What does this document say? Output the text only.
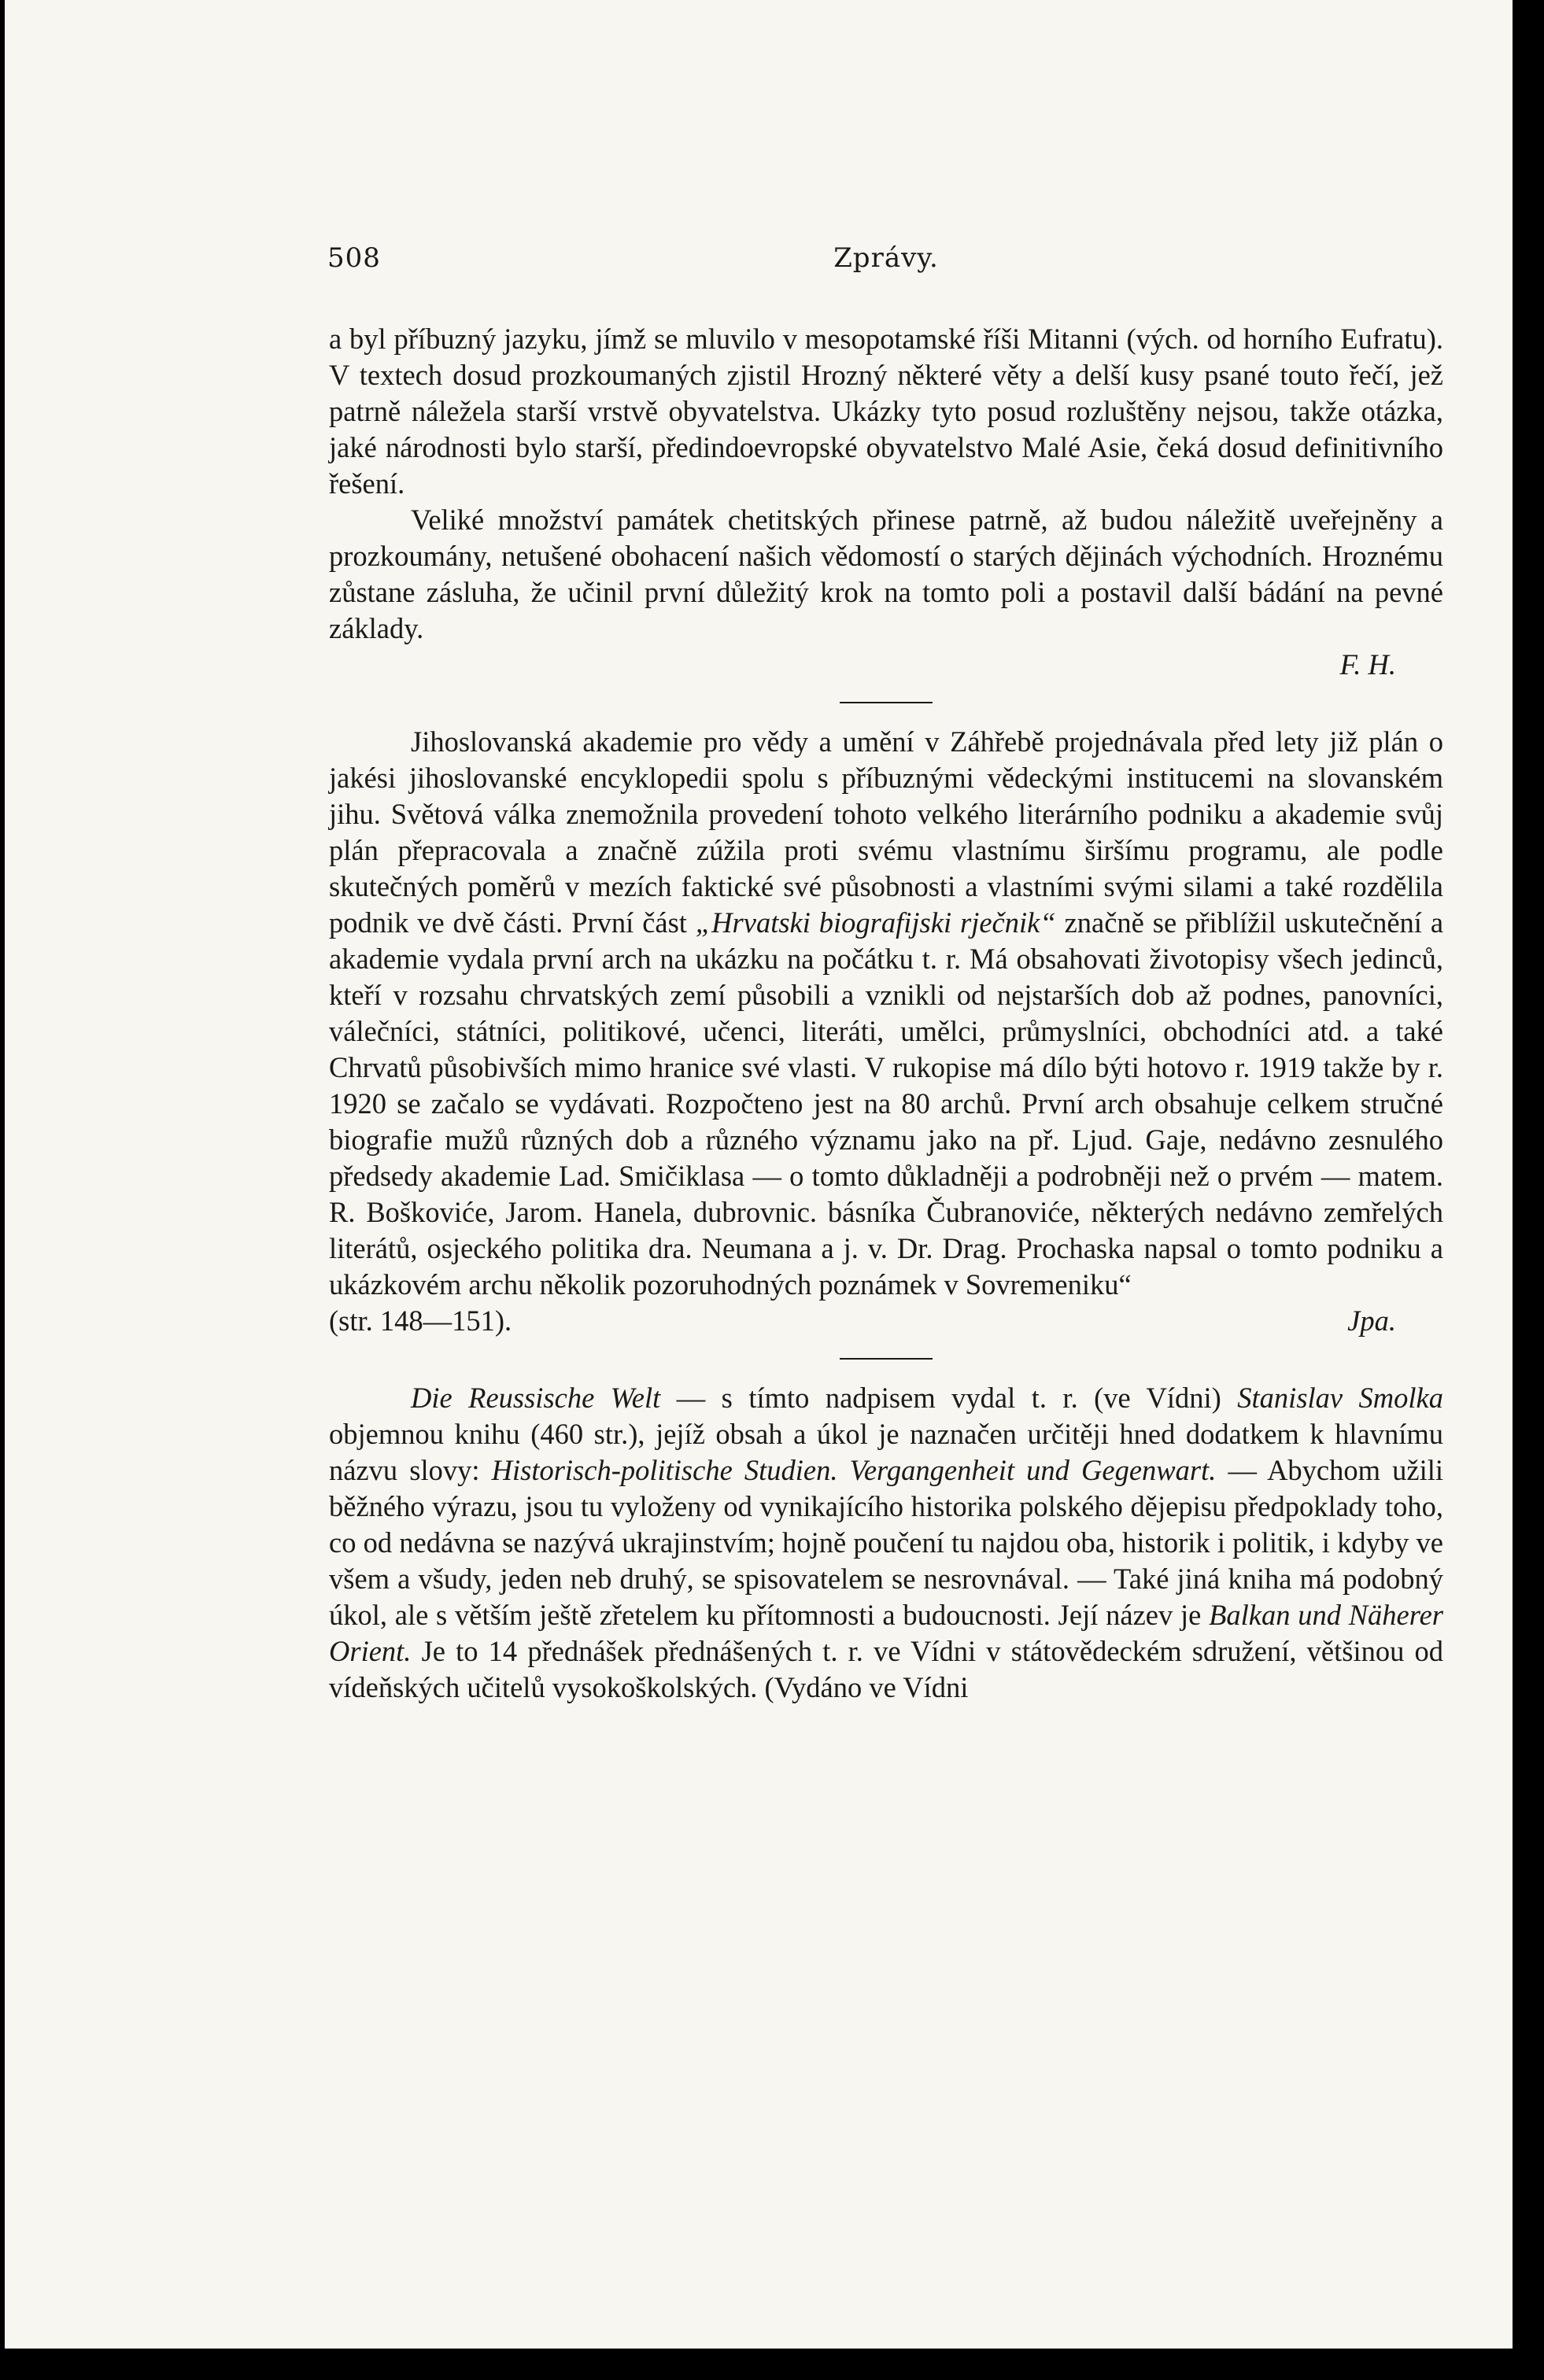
508	Zprávy.

a byl příbuzný jazyku, jímž se mluvilo v mesopotamské říši Mitanni (vých. od horního Eufratu). V textech dosud prozkoumaných zjistil Hrozný některé věty a delší kusy psané touto řečí, jež patrně náležela starší vrstvě obyvatelstva. Ukázky tyto posud rozluštěny nejsou, takže otázka, jaké národnosti bylo starší, předindoevropské obyvatelstvo Malé Asie, čeká dosud definitivního řešení.

Veliké množství památek chetitských přinese patrně, až budou náležitě uveřejněny a prozkoumány, netušené obohacení našich vědomostí o starých dějinách východních. Hroznému zůstane zásluha, že učinil první důležitý krok na tomto poli a postavil další bádání na pevné základy.

F. H.

Jihoslovanská akademie pro vědy a umění v Záhřebě projednávala před lety již plán o jakési jihoslovanské encyklopedii spolu s příbuznými vědeckými institucemi na slovanském jihu. Světová válka znemožnila provedení tohoto velkého literárního podniku a akademie svůj plán přepracovala a značně zúžila proti svému vlastnímu širšímu programu, ale podle skutečných poměrů v mezích faktické své působnosti a vlastními svými silami a také rozdělila podnik ve dvě části. První část „Hrvatski biografijski rječnik“ značně se přiblížil uskutečnění a akademie vydala první arch na ukázku na počátku t. r. Má obsahovati životopisy všech jedinců, kteří v rozsahu chrvatských zemí působili a vznikli od nejstarších dob až podnes, panovníci, válečníci, státníci, politikové, učenci, literáti, umělci, průmyslníci, obchodníci atd. a také Chrvatů působivších mimo hranice své vlasti. V rukopise má dílo býti hotovo r. 1919 takže by r. 1920 se začalo se vydávati. Rozpočteno jest na 80 archů. První arch obsahuje celkem stručné biografie mužů různých dob a různého významu jako na př. Ljud. Gaje, nedávno zesnulého předsedy akademie Lad. Smičiklasa — o tomto důkladněji a podrobněji než o prvém — matem. R. Boškoviće, Jarom. Hanela, dubrovnic. básníka Čubranoviće, některých nedávno zemřelých literátů, osjeckého politika dra. Neumana a j. v. Dr. Drag. Prochaska napsal o tomto podniku a ukázkovém archu několik pozoruhodných poznámek v Sovremeniku“

(str. 148—151).	Jpa.

Die Reussische Welt — s tímto nadpisem vydal t. r. (ve Vídni) Stanislav Smolka objemnou knihu (460 str.), jejíž obsah a úkol je naznačen určitěji hned dodatkem k hlavnímu názvu slovy: Historisch-politische Studien. Vergangenheit und Gegenwart. — Abychom užili běžného výrazu, jsou tu vyloženy od vynikajícího historika polského dějepisu předpoklady toho, co od nedávna se nazývá ukrajinstvím; hojně poučení tu najdou oba, historik i politik, i kdyby ve všem a všudy, jeden neb druhý, se spisovatelem se nesrovnával. — Také jiná kniha má podobný úkol, ale s větším ještě zřetelem ku přítomnosti a budoucnosti. Její název je Balkan und Näherer Orient. Je to 14 přednášek přednášených t. r. ve Vídni v státovědeckém sdružení, většinou od vídeňských učitelů vysokoškolských. (Vydáno ve Vídni
